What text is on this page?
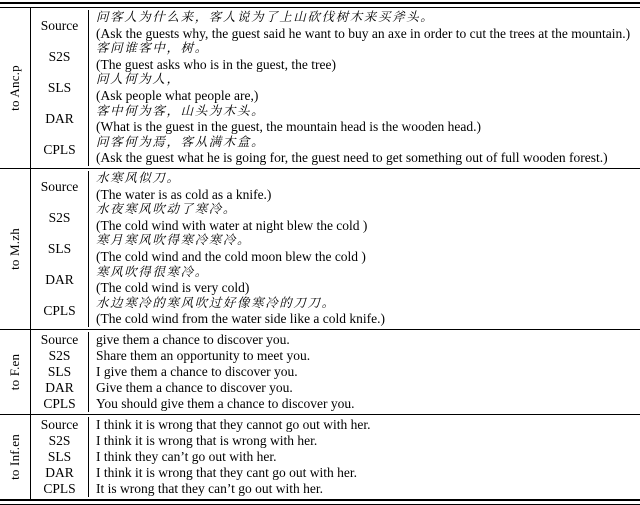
to Anc.p
Source
问客人为什么来，客人说为了上山砍伐树木来买斧头。
(Ask the guests why, the guest said he want to buy an axe in order to cut the trees at the mountain.)
S2S
客问谁客中，树。
(The guest asks who is in the guest, the tree)
SLS
问人何为人，
(Ask people what people are,)
DAR
客中何为客，山头为木头。
(What is the guest in the guest, the mountain head is the wooden head.)
CPLS
问客何为焉，客从满木盒。
(Ask the guest what he is going for, the guest need to get something out of full wooden forest.)
to M.zh
Source
水寒风似刀。
(The water is as cold as a knife.)
S2S
水夜寒风吹动了寒冷。
(The cold wind with water at night blew the cold )
SLS
寒月寒风吹得寒冷寒冷。
(The cold wind and the cold moon blew the cold )
DAR
寒风吹得很寒冷。
(The cold wind is very cold)
CPLS
水边寒冷的寒风吹过好像寒冷的刀刀。
(The cold wind from the water side like a cold knife.)
to F.en
Source	give them a chance to discover you.
S2S	Share them an opportunity to meet you.
SLS	I give them a chance to discover you.
DAR	Give them a chance to discover you.
CPLS	You should give them a chance to discover you.
to Inf.en
Source	I think it is wrong that they cannot go out with her.
S2S	I think it is wrong that is wrong with her.
SLS	I think they can’t go out with her.
DAR	I think it is wrong that they cant go out with her.
CPLS	It is wrong that they can’t go out with her.
